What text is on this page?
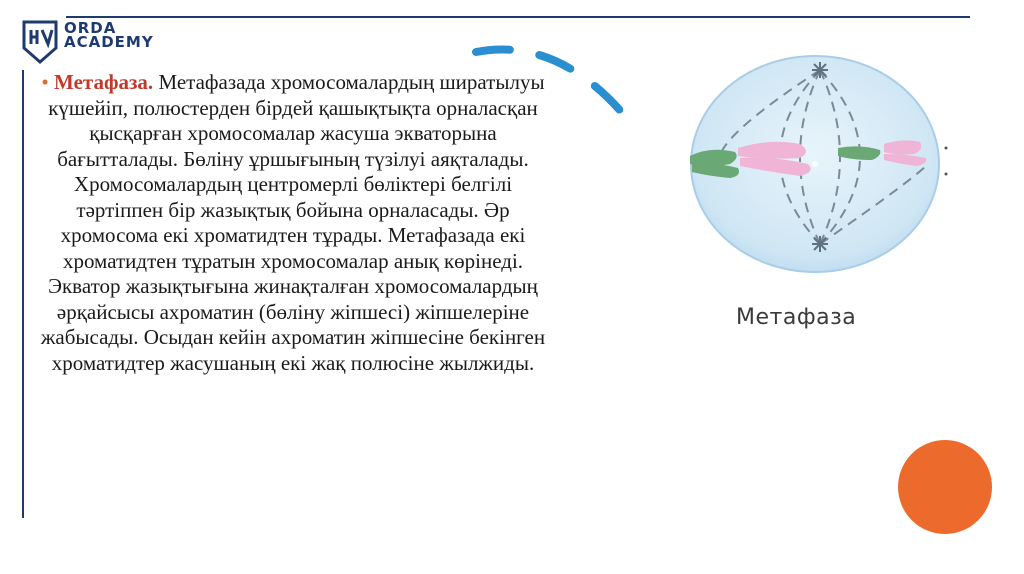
ORDA
ACADEMY
• Метафаза. Метафазада хромосомалардың ширатылуы күшейіп, полюстерден бірдей қашықтықта орналасқан қысқарған хромосомалар жасуша экваторына бағытталады. Бөліну ұршығының түзілуі аяқталады. Хромосомалардың центромерлі бөліктері белгілі тәртіппен бір жазықтық бойына орналасады. Әр хромосома екі хроматидтен тұрады. Метафазада екі хроматидтен тұратын хромосомалар анық көрінеді. Экватор жазықтығына жинақталған хромосомалардың әрқайсысы ахроматин (бөліну жіпшесі) жіпшелеріне жабысады. Осыдан кейін ахроматин жіпшесіне бекінген хроматидтер жасушаның екі жақ полюсіне жылжиды.
Метафаза
